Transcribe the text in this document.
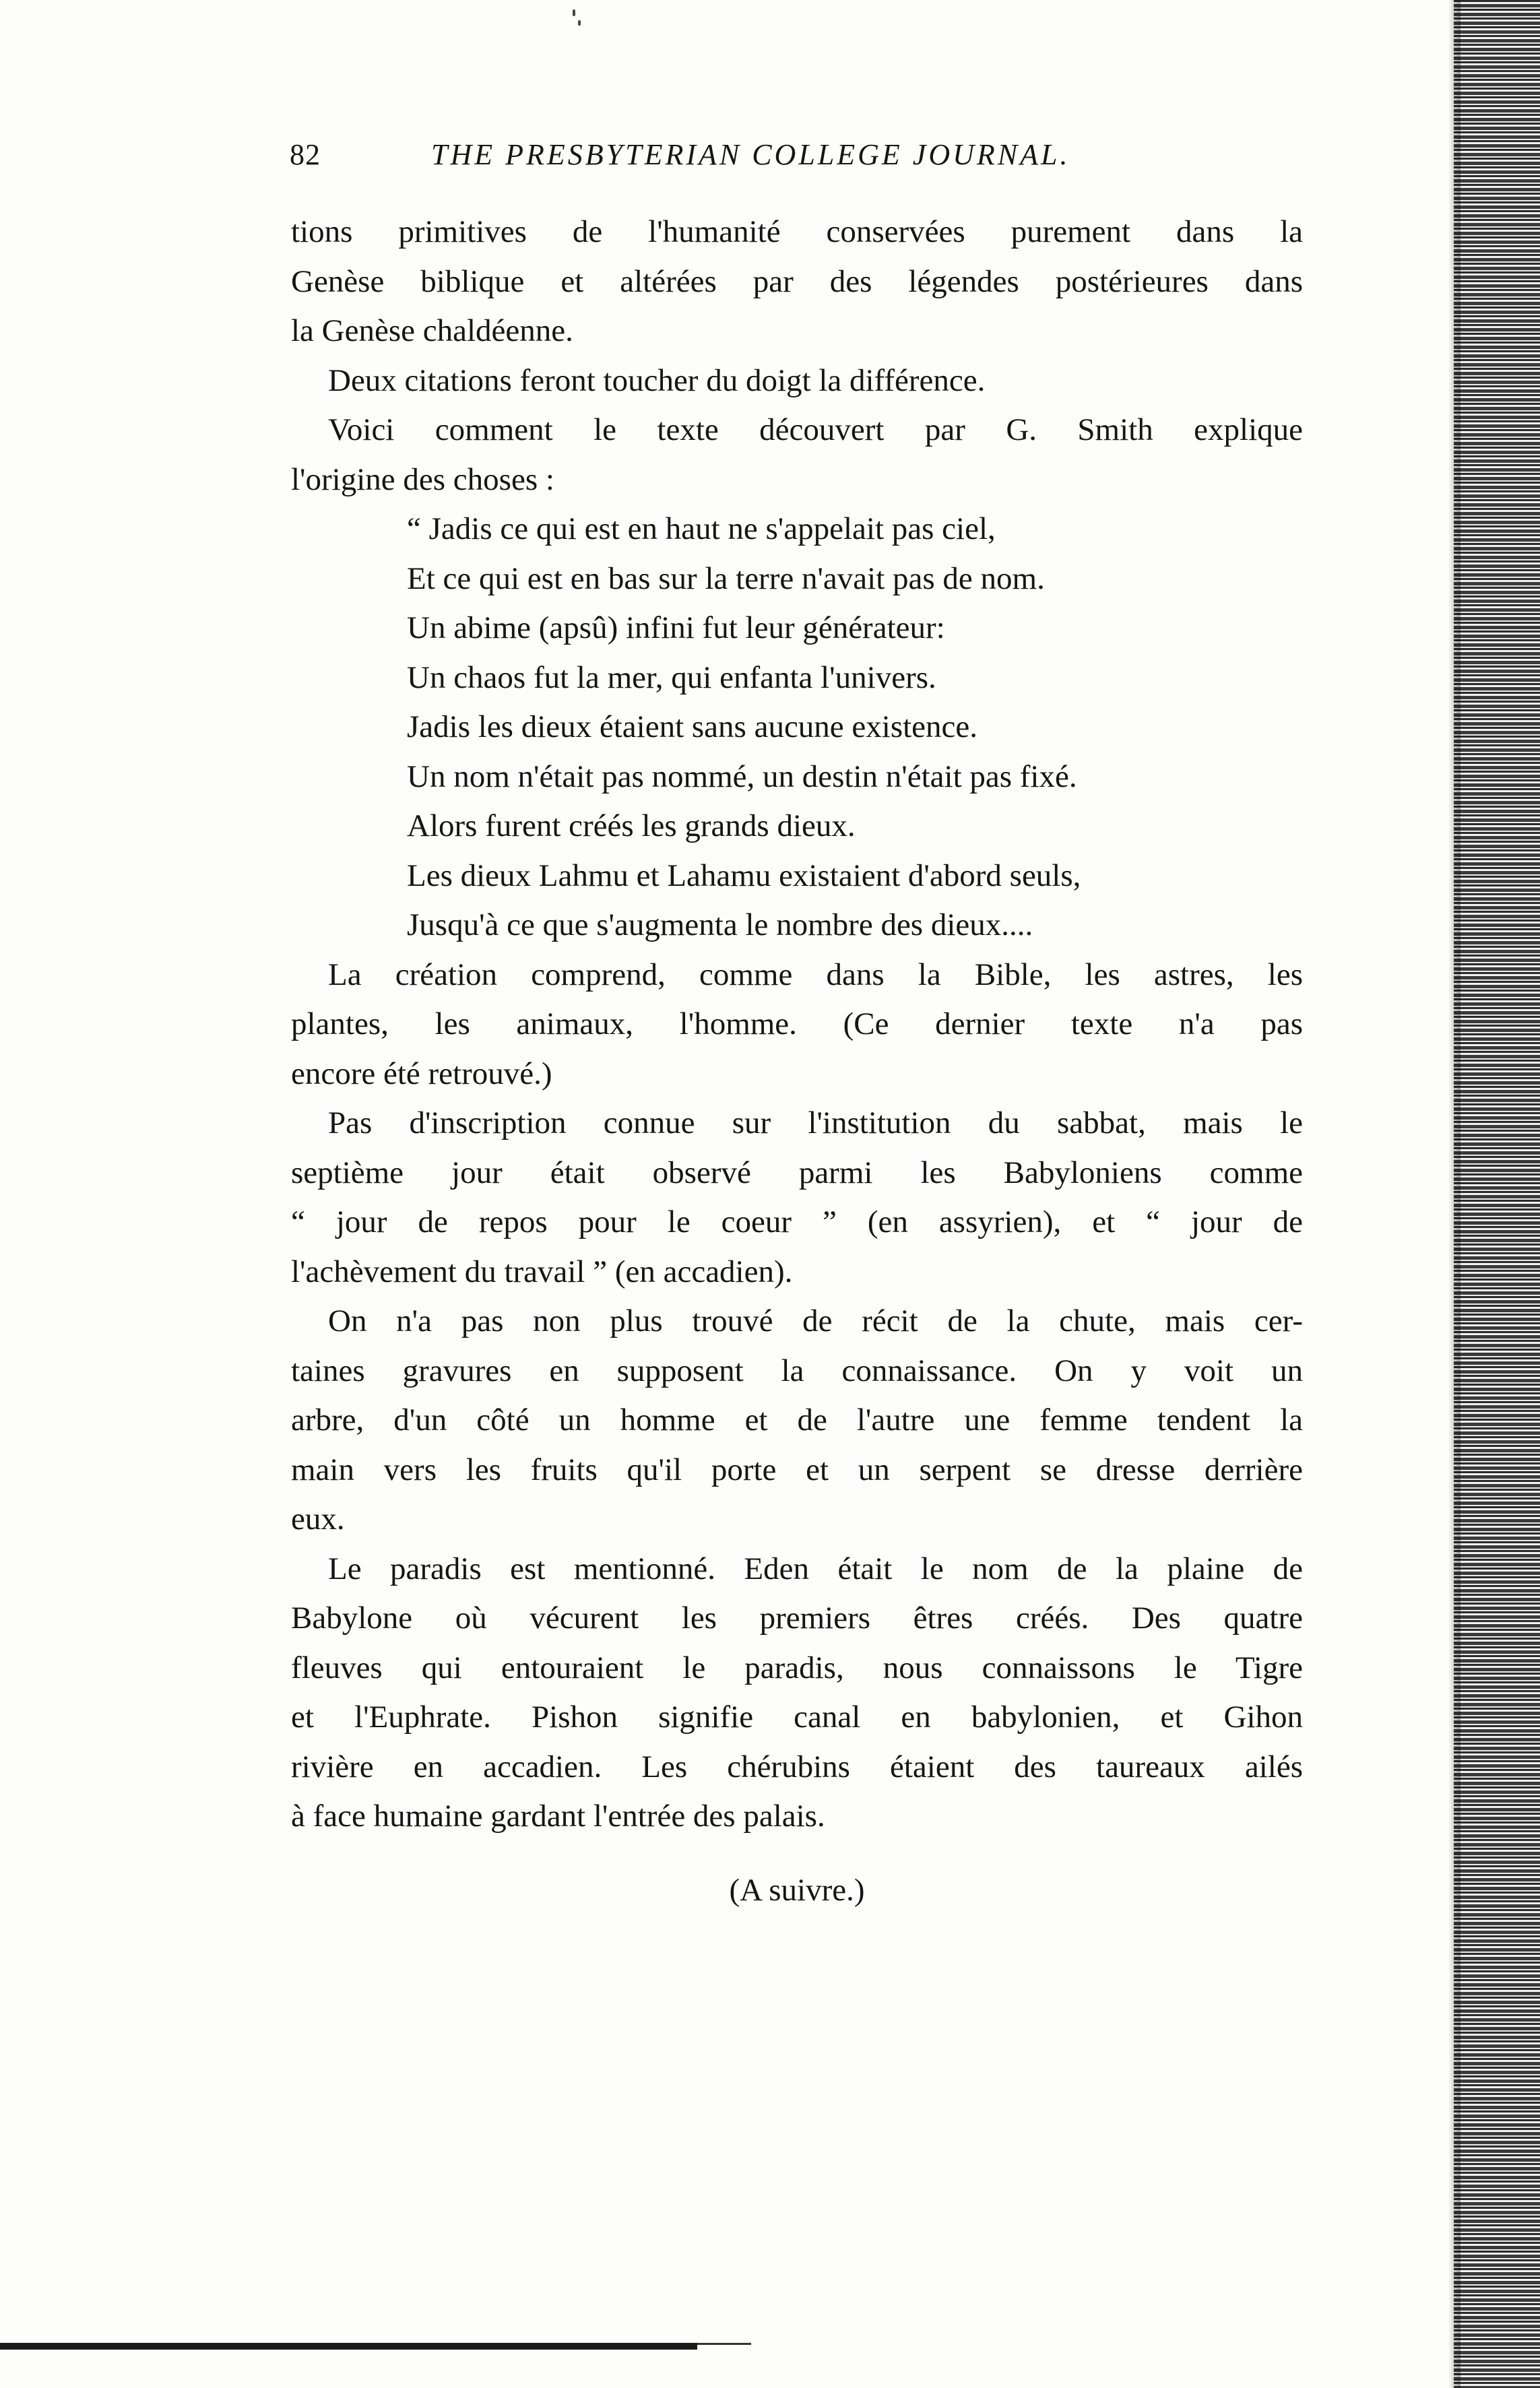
82	THE PRESBYTERIAN COLLEGE JOURNAL.
tions primitives de l'humanité conservées purement dans la
Genèse biblique et altérées par des légendes postérieures dans
la Genèse chaldéenne.
Deux citations feront toucher du doigt la différence.
Voici comment le texte découvert par G. Smith explique
l'origine des choses :
“ Jadis ce qui est en haut ne s'appelait pas ciel,
Et ce qui est en bas sur la terre n'avait pas de nom.
Un abime (apsû) infini fut leur générateur:
Un chaos fut la mer, qui enfanta l'univers.
Jadis les dieux étaient sans aucune existence.
Un nom n'était pas nommé, un destin n'était pas fixé.
Alors furent créés les grands dieux.
Les dieux Lahmu et Lahamu existaient d'abord seuls,
Jusqu'à ce que s'augmenta le nombre des dieux....
La création comprend, comme dans la Bible, les astres, les
plantes, les animaux, l'homme. (Ce dernier texte n'a pas
encore été retrouvé.)
Pas d'inscription connue sur l'institution du sabbat, mais le
septième jour était observé parmi les Babyloniens comme
“ jour de repos pour le coeur ” (en assyrien), et “ jour de
l'achèvement du travail ” (en accadien).
On n'a pas non plus trouvé de récit de la chute, mais cer-
taines gravures en supposent la connaissance. On y voit un
arbre, d'un côté un homme et de l'autre une femme tendent la
main vers les fruits qu'il porte et un serpent se dresse derrière
eux.
Le paradis est mentionné. Eden était le nom de la plaine de
Babylone où vécurent les premiers êtres créés. Des quatre
fleuves qui entouraient le paradis, nous connaissons le Tigre
et l'Euphrate. Pishon signifie canal en babylonien, et Gihon
rivière en accadien. Les chérubins étaient des taureaux ailés
à face humaine gardant l'entrée des palais.
(A suivre.)
